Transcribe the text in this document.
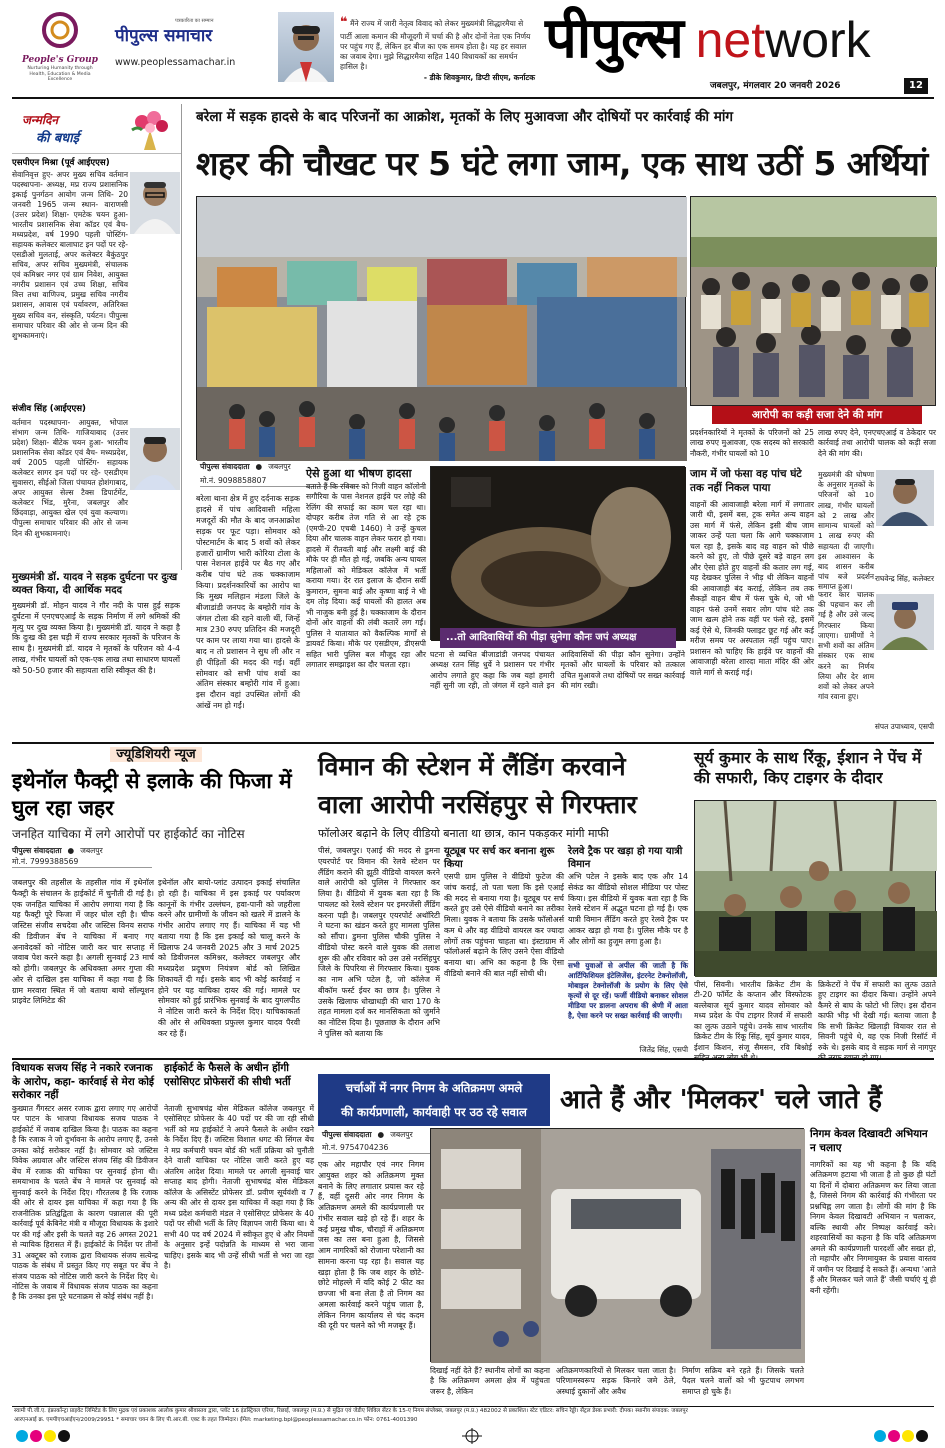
People's Group
Nurturing Humanity through Health, Education & Media Excellence
पत्रकारिता का सम्मान
पीपुल्स समाचार
www.peoplessamachar.in
❝ मैंने राज्य में जारी नेतृत्व विवाद को लेकर मुख्यमंत्री सिद्धारमैया से पार्टी आला कमान की मौजूदगी में चर्चा की है और दोनों नेता एक निर्णय पर पहुंच गए हैं, लेकिन हर बीज का एक समय होता है। यह हर सवाल का जवाब देगा। मुझे सिद्धारमैया सहित 140 विधायकों का समर्थन हासिल है।
- डीके शिवकुमार, डिप्टी सीएम, कर्नाटक
पीपुल्स network
जबलपुर, मंगलवार 20 जनवरी 2026	12
जन्मदिन
की बधाई
एसपीएन मिश्रा (पूर्व आईएएस)
सेवानिवृत्त हुए- अपर मुख्य सचिव वर्तमान पदस्थापना- अध्यक्ष, मप्र राज्य प्रशासनिक इकाई पुनर्गठन आयोग जन्म तिथि- 20 जनवरी 1965 जन्म स्थान- वाराणसी (उत्तर प्रदेश) शिक्षा- एमटेक चयन हुआ- भारतीय प्रशासनिक सेवा कॉडर एवं बैच- मध्यप्रदेश, वर्ष 1990 पहली पोस्टिंग- सहायक कलेक्टर बालाघाट इन पदों पर रहे- एसडीओ मुलताई, अपर कलेक्टर बैकुंठपुर सचिव, अपर सचिव मुख्यमंत्री, संचालक एवं कमिश्नर नगर एवं ग्राम निवेश, आयुक्त नगरीय प्रशासन एवं उच्च शिक्षा, सचिव वित्त तथा वाणिज्य, प्रमुख सचिव नगरीय प्रशासन, आवास एवं पर्यावरण, अतिरिक्त मुख्य सचिव वन, संस्कृति, पर्यटन। पीपुल्स समाचार परिवार की ओर से जन्म दिन की शुभकामनाएं।
संजीव सिंह (आईएएस)
वर्तमान पदस्थापना- आयुक्त, भोपाल संभाग जन्म तिथि- गाजियाबाद (उत्तर प्रदेश) शिक्षा- बीटेक चयन हुआ- भारतीय प्रशासनिक सेवा कॉडर एवं बैच- मध्यप्रदेश, वर्ष 2005 पहली पोस्टिंग- सहायक कलेक्टर सागर इन पदों पर रहे- एसडीएम सुवासरा, सीईओ जिला पंचायत होशंगाबाद, अपर आयुक्त सेल्स टैक्स डिपार्टमेंट, कलेक्टर भिंड, मुरैना, जबलपुर और छिंदवाड़ा, आयुक्त खेल एवं युवा कल्याण। पीपुल्स समाचार परिवार की ओर से जन्म दिन की शुभकामनाएं।
मुख्यमंत्री डॉ. यादव ने सड़क दुर्घटना पर दुःख व्यक्त किया, दी आर्थिक मदद
मुख्यमंत्री डॉ. मोहन यादव ने गौर नदी के पास हुई सड़क दुर्घटना में एनएचएआई के सड़क निर्माण में लगे श्रमिकों की मृत्यु पर दुख व्यक्त किया है। मुख्यमंत्री डॉ. यादव ने कहा है कि दुःख की इस घड़ी में राज्य सरकार मृतकों के परिजन के साथ है। मुख्यमंत्री डॉ. यादव ने मृतकों के परिजन को 4-4 लाख, गंभीर घायलों को एक-एक लाख तथा साधारण घायलों को 50-50 हजार की सहायता राशि स्वीकृत की है।
बरेला में सड़क हादसे के बाद परिजनों का आक्रोश, मृतकों के लिए मुआवजा और दोषियों पर कार्रवाई की मांग
शहर की चौखट पर 5 घंटे लगा जाम, एक साथ उठीं 5 अर्थियां
आरोपी का कड़ी सजा देने की मांग
प्रदर्शनकारियों ने मृतकों के परिजनों को 25 लाख रुपए मुआवजा, एक सदस्य को सरकारी नौकरी, गंभीर घायलों को 10
लाख रुपए देने, एनएचएआई व ठेकेदार पर कार्रवाई तथा आरोपी चालक को कड़ी सजा देने की मांग की।
पीपुल्स संवाददाता ● जबलपुर
मो.नं. 9098858807
बरेला थाना क्षेत्र में हुए दर्दनाक सड़क हादसे में पांच आदिवासी महिला मजदूरों की मौत के बाद जनआक्रोश सड़क पर फूट पड़ा। सोमवार को पोस्टमार्टम के बाद 5 शवों को लेकर हजारों ग्रामीण भारी कोरिया टोला के पास नेशनल हाईवे पर बैठ गए और करीब पांच घंटे तक चक्काजाम किया। प्रदर्शनकारियों का आरोप था कि मुख्य मलिहान मंडला जिले के बीजाडांडी जनपद के बम्होरी गांव के जंगल टोला की रहने वाली थीं, जिन्हें मात्र 230 रुपए प्रतिदिन की मजदूरी पर काम पर लाया गया था। हादसे के बाद न तो प्रशासन ने सुध ली और न ही पीड़ितों की मदद की गई। वहीं सोमवार को सभी पांच शवों का अंतिम संस्कार बम्होरी गांव में हुआ। इस दौरान वहां उपस्थित लोगों की आंखें नम हो गईं।
ऐसे हुआ था भीषण हादसा
बताते हैं कि रविवार को निजी वाहन कॉलोनी सगौरिया के पास नेशनल हाईवे पर लोहे की रेलिंग की सफाई का काम चल रहा था। दोपहर करीब तेज गति से आ रहे ट्रक (एमपी-20 एचबी 1460) ने उन्हें कुचल दिया और चालक वाहन लेकर फरार हो गया। हादसे में रीतवती बाई और लक्ष्मी बाई की मौके पर ही मौत हो गई, जबकि अन्य घायल महिलाओं को मेडिकल कॉलेज में भर्ती कराया गया। देर रात इलाज के दौरान सर्वी कुमारान, सुमना बाई और कृष्णा बाई ने भी दम तोड़ दिया। कई घायलों की हालत अब भी नाजुक बनी हुई है। चक्काजाम के दौरान दोनों ओर वाहनों की लंबी कतारें लग गईं। पुलिस ने यातायात को वैकल्पिक मार्गों से डायवर्ट किया। मौके पर एसडीएम, डीएसपी सहित भारी पुलिस बल मौजूद रहा और लगातार समझाइश का दौर चलता रहा।
...तो आदिवासियों की पीड़ा सुनेगा कौनः जपं अध्यक्ष
घटना से व्यथित बीजाडांडी जनपद पंचायत अध्यक्ष रतन सिंह धुर्वे ने प्रशासन पर गंभीर आरोप लगाते हुए कहा कि जब यहां हमारी नहीं सुनी जा रही, तो जंगल में रहने वाले इन आदिवासियों की पीड़ा कौन सुनेगा। उन्होंने मृतकों और घायलों के परिवार को तत्काल उचित मुआवजे तथा दोषियों पर सख्त कार्रवाई की मांग रखी।
जाम में जो फंसा वह पांच घंटे तक नहीं निकल पाया
वाहनों की आवाजाही बरेला मार्ग में लगातार जारी थी, इसमें बस, ट्रक समेत अन्य वाहन उस मार्ग में फंसे, लेकिन इसी बीच जाम जाकर उन्हें पता चला कि आगे चक्काजाम चल रहा है, इसके बाद वह वाहन को पीछे करने को हुए, तो पीछे दूसरे बड़े वाहन लग और ऐसा होते हुए वाहनों की कतार लग गई, यह देखकर पुलिस ने भीड़ थी लेकिन वाहनों की आवाजाही बंद कराई, लेकिन तब तक सैकड़ों वाहन बीच में फंस चुके थे, जो भी वाहन फंसे उनमें सवार लोग पांच घंटे तक जाम खत्म होने तक वहीं पर फंसे रहे, इसमें कई ऐसे थे, जिनकी फ्लाइट छूट गई और कई मरीज समय पर अस्पताल नहीं पहुंच पाए। प्रशासन को चाहिए कि हाईवे पर वाहनों की आवाजाही बरेला शारदा माता मंदिर की ओर वाले मार्ग से कराई गई।
मुख्यमंत्री की घोषणा के अनुसार मृतकों के परिजनों को 10 लाख, गंभीर घायलों को 2 लाख और सामान्य घायलों को 1 लाख रुपए की सहायता दी जाएगी। इस आश्वासन के बाद शासन करीब पांच बजे प्रदर्शन समाप्त हुआ।
राघवेन्द्र सिंह, कलेक्टर
फरार कार चालक की पहचान कर ली गई है और उसे जल्द गिरफ्तार किया जाएगा। ग्रामीणों ने सभी शवों का अंतिम संस्कार एक साथ करने का निर्णय लिया और देर शाम शवों को लेकर अपने गांव रवाना हुए।
संपत उपाध्याय, एसपी
ज्यूडिशियरी न्यूज
इथेनॉल फैक्ट्री से इलाके की फिजा में घुल रहा जहर
जनहित याचिका में लगे आरोपों पर हाईकोर्ट का नोटिस
पीपुल्स संवाददाता ● जबलपुर
मो.नं. 7999388569
जबलपुर की तहसील के तहसील गांव में इथेनॉल फैक्ट्री के संचालन के हाईकोर्ट में चुनौती दी गई है। एक जनहित याचिका में आरोप लगाया गया है कि यह फैक्ट्री पूरे फिजा में जहर घोल रही है। चीफ जस्टिस संजीव सचदेवा और जस्टिस विनय सराफ की डिवीजन बेंच ने याचिका में बनाए गए अनावेदकों को नोटिस जारी कर चार सप्ताह में जवाब पेश करने कहा है। अगली सुनवाई 23 मार्च को होगी। जबलपुर के अधिवक्ता अमर गुप्ता की ओर से दाखिल इस याचिका में कहा गया है कि ग्राम मरवारा स्थित में जो बताया बायो सॉल्यूशन प्राइवेट लिमिटेड की
इथेनॉल और बायो-प्लांट उत्पादन इकाई संचालित हो रही है। याचिका में इस इकाई पर पर्यावरण कानूनों के गंभीर उल्लंघन, हवा-पानी को जहरीला करने और ग्रामीणों के जीवन को खतरे में डालने के गंभीर आरोप लगाए गए हैं। याचिका में यह भी बताया गया है कि इस इकाई को चालू करने के खिलाफ 24 जनवरी 2025 और 3 मार्च 2025 को डिवीजनल कमिश्नर, कलेक्टर जबलपुर और मध्यप्रदेश प्रदूषण नियंत्रण बोर्ड को लिखित शिकायतें दी गईं। इसके बाद भी कोई कार्रवाई न होने पर यह याचिका दायर की गई। मामले पर सोमवार को हुई प्रारंभिक सुनवाई के बाद युगलपीठ ने नोटिस जारी करने के निर्देश दिए। याचिकाकर्ता की ओर से अधिवक्ता प्रफुल्ल कुमार यादव पैरवी कर रहे हैं।
विमान की स्टेशन में लैंडिंग करवाने
वाला आरोपी नरसिंहपुर से गिरफ्तार
फॉलोअर बढ़ाने के लिए वीडियो बनाता था छात्र, कान पकड़कर मांगी माफी
पीसं, जबलपुर। एआई की मदद से डुमना एयरपोर्ट पर विमान की रेलवे स्टेशन पर लैंडिंग कराने की झूठी वीडियो वायरल करने वाले आरोपी को पुलिस ने गिरफ्तार कर लिया है। वीडियो में युवक बता रहा है कि पायलट को रेलवे स्टेशन पर इमरजेंसी लैंडिंग करना पड़ी है। जबलपुर एयरपोर्ट अथॉरिटी ने घटना का खंडन करते हुए मामला पुलिस को सौंपा। डुमना पुलिस चौकी पुलिस ने वीडियो पोस्ट करने वाले युवक की तलाश शुरू की और रविवार को उस उसे नरसिंहपुर जिले के पिपरिया से गिरफ्तार किया। युवक का नाम अभि पटेल है, जो कॉलेज में बीकॉम फर्स्ट ईयर का छात्र है। पुलिस ने उसके खिलाफ धोखाधड़ी की धारा 170 के तहत मामला दर्ज कर मानसिकता को जुर्माने का नोटिस दिया है। पूछताछ के दौरान अभि ने पुलिस को बताया कि
यूट्यूब पर सर्च कर बनाना शुरू किया
एसपी ग्राम पुलिस ने वीडियो फुटेज की जांच कराई, तो पता चला कि इसे एआई की मदद से बनाया गया है। यूट्यूब पर सर्च करते हुए उसे ऐसे वीडियो बनाने का तरीका मिला। युवक ने बताया कि उसके फॉलोअर्स कम थे और वह वीडियो वायरल कर ज्यादा लोगों तक पहुंचना चाहता था। इंस्टाग्राम में फॉलोअर्स बढ़ाने के लिए उसने ऐसा वीडियो बनाया था। अभि का कहना है कि ऐसा वीडियो बनाने की बात नहीं सोची थी।
रेलवे ट्रैक पर खड़ा हो गया यात्री विमान
अभि पटेल ने इसके बाद एक और 14 सेकंड का वीडियो सोशल मीडिया पर पोस्ट किया। इस वीडियो में युवक बता रहा है कि रेलवे स्टेशन में अद्भुत घटना हो गई है। एक यात्री विमान लैंडिंग करते हुए रेलवे ट्रैक पर आकर खड़ा हो गया है। पुलिस मौके पर है और लोगों का हुजूम लगा हुआ है।
सभी युवाओं से अपील की जाती है कि आर्टिफिशियल इंटेलिजेंस, इंटरनेट टेक्नोलॉजी, मोबाइल टेक्नोलॉजी के प्रयोग के लिए ऐसे कृत्यों से दूर रहें। फर्जी वीडियो बनाकर सोशल मीडिया पर डालना अपराध की श्रेणी में आता है, ऐसा करने पर सख्त कार्रवाई की जाएगी।
जितेंद्र सिंह, एसपी
सूर्य कुमार के साथ रिंकू, ईशान ने पेंच में की सफारी, किए टाइगर के दीदार
पीसं, सिवनी। भारतीय क्रिकेट टीम के टी-20 फॉर्मेट के कप्तान और विस्फोटक बल्लेबाज सूर्य कुमार यादव सोमवार को मध्य प्रदेश के पेंच टाइगर रिजर्व में सफारी का लुत्फ उठाने पहुंचे। उनके साथ भारतीय क्रिकेट टीम के रिंकू सिंह, सूर्य कुमार यादव, ईशान किशन, संजू सैमसन, रवि बिश्नोई
क्रिकेटरों ने पेंच में सफारी का लुत्फ उठाते हुए टाइगर का दीदार किया। उन्होंने अपने कैमरे से बाघ के फोटो भी लिए। इस दौरान काफी भीड़ भी देखी गई। बताया जाता है कि सभी क्रिकेट खिलाड़ी वियावर रात से सिवनी पहुंचे थे, वह एक निजी रिसॉर्ट में रुके थे। इसके बाद वे सड़क मार्ग से नागपुर
विधायक सजय सिंह ने नकारे रजनाक के आरोप, कहा- कार्रवाई से मेरा कोई सरोकार नहीं
कुख्यात गैंगस्टर असर रजाक द्वारा लगाए गए आरोपों पर पाटन के भाजपा विधायक सजय पाठक ने हाईकोर्ट में जवाब दाखिल किया है। पाठक का कहना है कि रजाक ने जो दुर्भावना के आरोप लगाए हैं, उनसे उनका कोई सरोकार नहीं है। सोमवार को जस्टिस विवेक अग्रवाल और जस्टिस संजय सिंह की डिवीजन बेंच में रजाक की याचिका पर सुनवाई होना थी। समयाभाव के चलते बेंच ने मामले पर सुनवाई को सुनवाई करने के निर्देश दिए। गौरतलब है कि रजाक की ओर से दायर इस याचिका में कहा गया है कि राजनीतिक प्रतिद्वंद्विता के कारण पन्नालाल की पूरी कार्रवाई पूर्व केबिनेट मंत्री व मौजूदा विधायक के इशारे पर की गई और इसी के चलते वह 26 अगस्त 2021 से न्यायिक हिरासत में हैं। हाईकोर्ट के निर्देश पर तीनों 31 अक्टूबर को रजाक द्वारा विधायक संजय सत्येन्द्र पाठक के संबंध में प्रस्तुत किए गए सबूत पर बेंच ने संजय पाठक को नोटिस जारी करने के निर्देश दिए थे। नोटिस के जवाब में विधायक संजय पाठक का कहना है कि उनका इस पूरे घटनाक्रम से कोई संबंध नहीं है।
हाईकोर्ट के फैसले के अधीन होंगी एसोसिएट प्रोफेसरों की सीधी भर्ती
नेताजी सुभाषचंद्र बोस मेडिकल कॉलेज जबलपुर में एसोसिएट प्रोफेसर के 40 पदों पर की जा रही सीधी भर्ती को मप्र हाईकोर्ट ने अपने फैसले के अधीन रखने के निर्देश दिए हैं। जस्टिस विशाल धगट की सिंगल बेंच ने मप्र कर्मचारी चयन बोर्ड की भर्ती प्रक्रिया को चुनौती देने वाली याचिका पर नोटिस जारी करते हुए यह अंतरिम आदेश दिया। मामले पर अगली सुनवाई चार सप्ताह बाद होगी। नेताजी सुभाषचंद्र बोस मेडिकल कॉलेज के असिस्टेंट प्रोफेसर डॉ. प्रवीण सूर्यवंशी व 7 अन्य की ओर से दायर इस याचिका में कहा गया है कि मध्य प्रदेश कर्मचारी मंडल ने एसोसिएट प्रोफेसर के 40 पदों पर सीधी भर्ती के लिए विज्ञापन जारी किया था। ये सभी 40 पद वर्ष 2024 में स्वीकृत हुए थे और नियमों के अनुसार इन्हें पदोन्नति के माध्यम से भरा जाना चाहिए। इसके बाद भी उन्हें सीधी भर्ती से भरा जा रहा है।
चर्चाओं में नगर निगम के अतिक्रमण अमले
की कार्यप्रणाली, कार्यवाही पर उठ रहे सवाल	आते हैं और 'मिलकर' चले जाते हैं
पीपुल्स संवाददाता ● जबलपुर
मो.नं. 9754704236
एक ओर महापौर एवं नगर निगम आयुक्त शहर को अतिक्रमण मुक्त बनाने के लिए लगातार प्रयास कर रहे हैं, वहीं दूसरी ओर नगर निगम के अतिक्रमण अमले की कार्यप्रणाली पर गंभीर सवाल खड़े हो रहे हैं। शहर के कई प्रमुख चौक, चौराहों में अतिक्रमण जस का तस बना हुआ है, जिससे आम नागरिकों को रोजाना परेशानी का सामना करना पड़ रहा है। सवाल यह खड़ा होता है कि जब शहर के छोटे-छोटे मोहल्ले में यदि कोई 2 फीट का छज्जा भी बना लेता है तो निगम का अमला कार्रवाई करने पहुंच जाता है, लेकिन निगम कार्यालय से चंद कदम की दूरी पर चलने को भी मजबूर हैं।
दिखाई नहीं देते हैं? स्थानीय लोगों का कहना है कि अतिक्रमण अमला क्षेत्र में पहुंचता जरूर है, लेकिन
अतिक्रमणकारियों से मिलकर चला जाता है। परिणामस्वरूप सड़क किनारे जमे ठेले, अस्थाई दुकानों और अवैध
निर्माण सक्रिय बने रहते हैं। जिसके चलते पैदल चलने वालों को भी फुटपाथ लगभग समाप्त हो चुके हैं।
निगम केवल दिखावटी अभियान न चलाए
नागरिकों का यह भी कहना है कि यदि अतिक्रमण हटाया भी जाता है तो कुछ ही घंटों या दिनों में दोबारा अतिक्रमण कर लिया जाता है, जिससे निगम की कार्रवाई की गंभीरता पर प्रश्नचिह्न लग जाता है। लोगों की मांग है कि निगम केवल दिखावटी अभियान न चलाकर, बल्कि स्थायी और निष्पक्ष कार्रवाई करे। शहरवासियों का कहना है कि यदि अतिक्रमण अमले की कार्यप्रणाली पारदर्शी और सख्त हो, तो महापौर और निगमायुक्त के प्रयास वास्तव में जमीन पर दिखाई दे सकते हैं। अन्यथा 'आते हैं और मिलकर चले जाते हैं' जैसी चर्चाएं यूं ही बनी रहेंगी।
स्वामी पी.जी.ए. इंफ्राकॉन्ट्रा प्राइवेट लिमिटेड के लिए मुद्रक एवं प्रकाशक आलोक कुमार श्रीवास्तव द्वारा, प्लॉट 16 इंडस्ट्रियल एरिया, रिछाई, जबलपुर (म.प्र.) से मुद्रित एवं जेडीए शिविल सेंटर के 15-ए निगम संप्लेक्स, जबलपुर (म.प्र.) 482002 से प्रकाशित। स्टेट एडिटर: सचिन रेड्डी। सेंट्रल डेस्क प्रभारी: दीपक। स्थानीय संपादक: जबलपुर
आरएनआई क्र. एमपीएचआईएन/2009/29951 * समाचार चयन के लिए पी.आर.बी. एक्ट के तहत जिम्मेदार। ईमेल: marketing.bpl@peoplessamachar.co.in फोन: 0761-4001390
